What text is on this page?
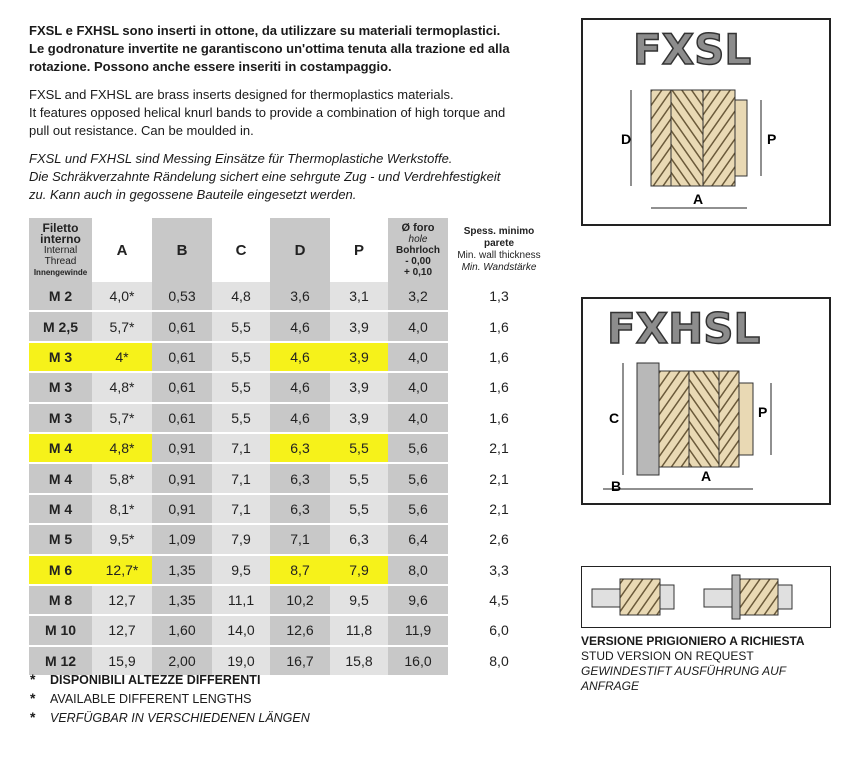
FXSL e FXHSL sono inserti in ottone, da utilizzare su materiali termoplastici.
Le godronature invertite ne garantiscono un'ottima tenuta alla trazione ed alla
rotazione. Possono anche essere inseriti in costampaggio.

FXSL and FXHSL are brass inserts designed for thermoplastics materials.
It features opposed helical knurl bands to provide a combination of high torque and
pull out resistance. Can be moulded in.

FXSL und FXHSL sind Messing Einsätze für Thermoplastiche Werkstoffe.
Die Schräkverzahnte Rändelung sichert eine sehrgute Zug - und Verdrehfestigkeit
zu. Kann auch in gegossene Bauteile eingesetzt werden.

Filetto interno
Internal Thread
Innengewinde	A	B	C	D	P	Ø foro
hole
Bohrloch
- 0,00
+ 0,10	Spess. minimo
parete
Min. wall thickness
Min. Wandstärke

M 2	4,0*	0,53	4,8	3,6	3,1	3,2	1,3
M 2,5	5,7*	0,61	5,5	4,6	3,9	4,0	1,6
M 3	4*	0,61	5,5	4,6	3,9	4,0	1,6
M 3	4,8*	0,61	5,5	4,6	3,9	4,0	1,6
M 3	5,7*	0,61	5,5	4,6	3,9	4,0	1,6
M 4	4,8*	0,91	7,1	6,3	5,5	5,6	2,1
M 4	5,8*	0,91	7,1	6,3	5,5	5,6	2,1
M 4	8,1*	0,91	7,1	6,3	5,5	5,6	2,1
M 5	9,5*	1,09	7,9	7,1	6,3	6,4	2,6
M 6	12,7*	1,35	9,5	8,7	7,9	8,0	3,3
M 8	12,7	1,35	11,1	10,2	9,5	9,6	4,5
M 10	12,7	1,60	14,0	12,6	11,8	11,9	6,0
M 12	15,9	2,00	19,0	16,7	15,8	16,0	8,0

* DISPONIBILI ALTEZZE DIFFERENTI

* AVAILABLE DIFFERENT LENGTHS

* VERFÜGBAR IN VERSCHIEDENEN LÄNGEN

FXSL
D	P
A
FXHSL
C	P
A
B

VERSIONE PRIGIONIERO A RICHIESTA

STUD VERSION ON REQUEST

GEWINDESTIFT AUSFÜHRUNG AUF

ANFRAGE
